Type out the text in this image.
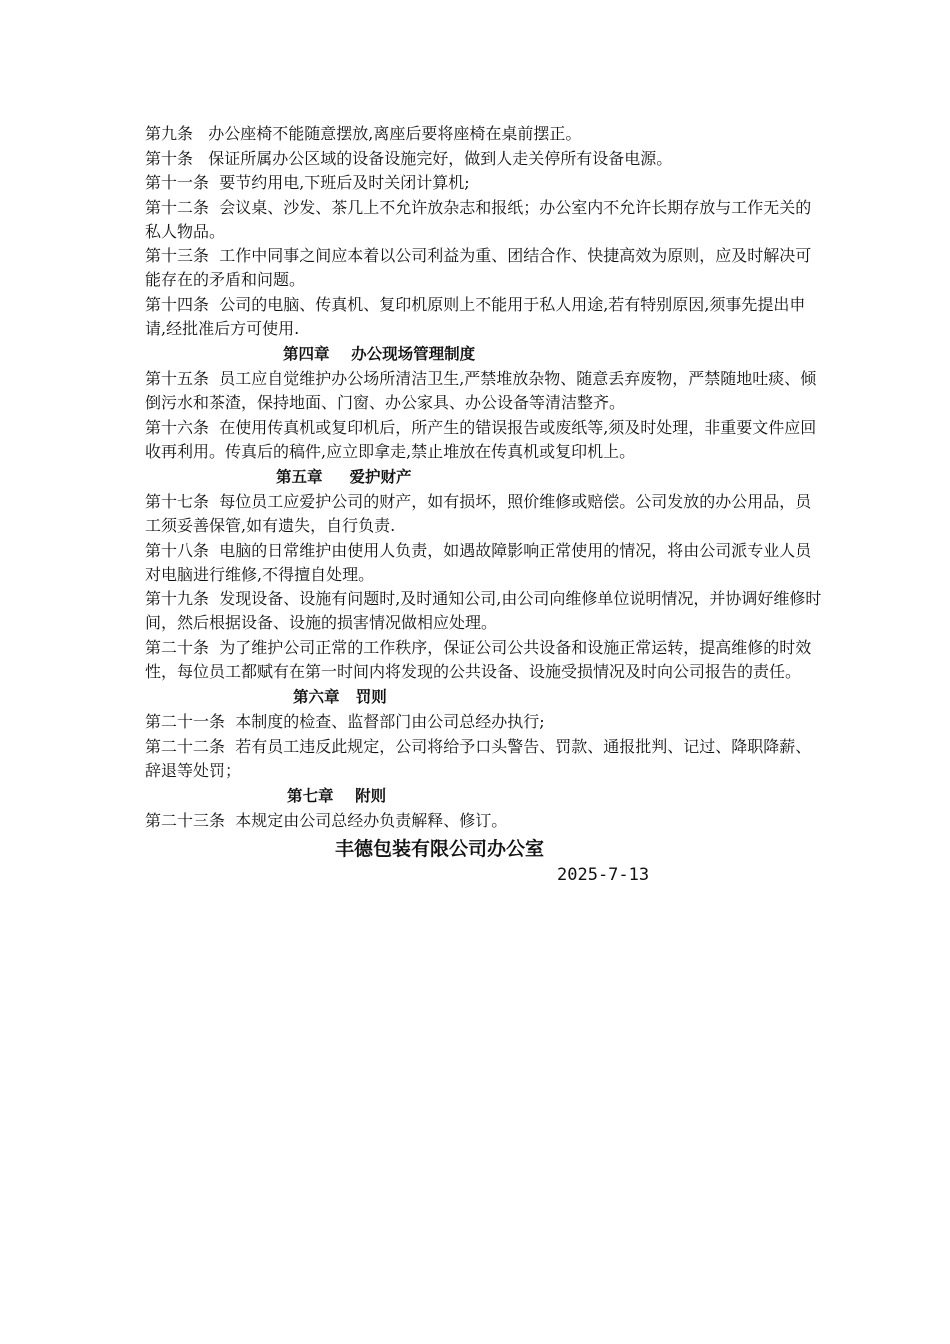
第九条   办公座椅不能随意摆放,离座后要将座椅在桌前摆正。
第十条   保证所属办公区域的设备设施完好，做到人走关停所有设备电源。
第十一条  要节约用电,下班后及时关闭计算机;
第十二条  会议桌、沙发、茶几上不允许放杂志和报纸；办公室内不允许长期存放与工作无关的私人物品。
第十三条  工作中同事之间应本着以公司利益为重、团结合作、快捷高效为原则，应及时解决可能存在的矛盾和问题。
第十四条  公司的电脑、传真机、复印机原则上不能用于私人用途,若有特别原因,须事先提出申请,经批准后方可使用.
第四章    办公现场管理制度
第十五条  员工应自觉维护办公场所清洁卫生,严禁堆放杂物、随意丢弃废物，严禁随地吐痰、倾倒污水和茶渣，保持地面、门窗、办公家具、办公设备等清洁整齐。
第十六条  在使用传真机或复印机后，所产生的错误报告或废纸等,须及时处理，非重要文件应回收再利用。传真后的稿件,应立即拿走,禁止堆放在传真机或复印机上。
第五章     爱护财产
第十七条  每位员工应爱护公司的财产，如有损坏，照价维修或赔偿。公司发放的办公用品，员工须妥善保管,如有遗失，自行负责.
第十八条  电脑的日常维护由使用人负责，如遇故障影响正常使用的情况，将由公司派专业人员对电脑进行维修,不得擅自处理。
第十九条  发现设备、设施有问题时,及时通知公司,由公司向维修单位说明情况，并协调好维修时间，然后根据设备、设施的损害情况做相应处理。
第二十条  为了维护公司正常的工作秩序，保证公司公共设备和设施正常运转，提高维修的时效性，每位员工都赋有在第一时间内将发现的公共设备、设施受损情况及时向公司报告的责任。
第六章   罚则
第二十一条  本制度的检查、监督部门由公司总经办执行;
第二十二条  若有员工违反此规定，公司将给予口头警告、罚款、通报批判、记过、降职降薪、辞退等处罚；
第七章    附则
第二十三条  本规定由公司总经办负责解释、修订。
丰德包装有限公司办公室
2025-7-13
